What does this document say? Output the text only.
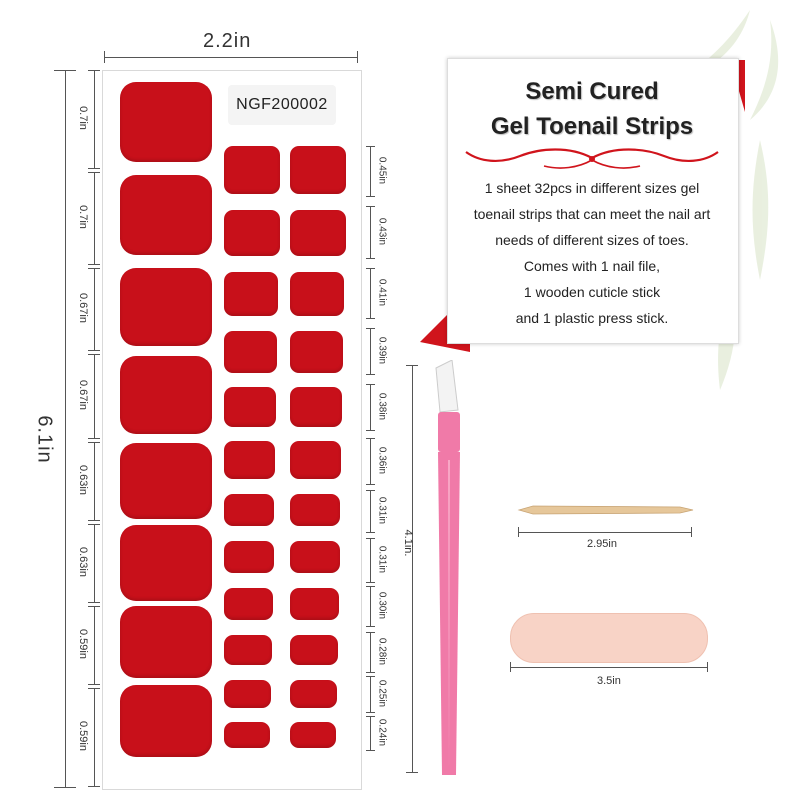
2.2in
6.1in
0.7in
0.7in
0.67in
0.67in
0.63in
0.63in
0.59in
0.59in
0.45in
0.43in
0.41in
0.39in
0.38in
0.36in
0.31in
0.31in
0.30in
0.28in
0.25in
0.24in
NGF200002	Semi Cured
Gel Toenail Strips
1 sheet 32pcs in different sizes gel
toenail strips that can meet the nail art
needs of different sizes of toes.
Comes with 1 nail file,
1 wooden cuticle stick
and 1 plastic press stick.
4.1in.	2.95in
3.5in
